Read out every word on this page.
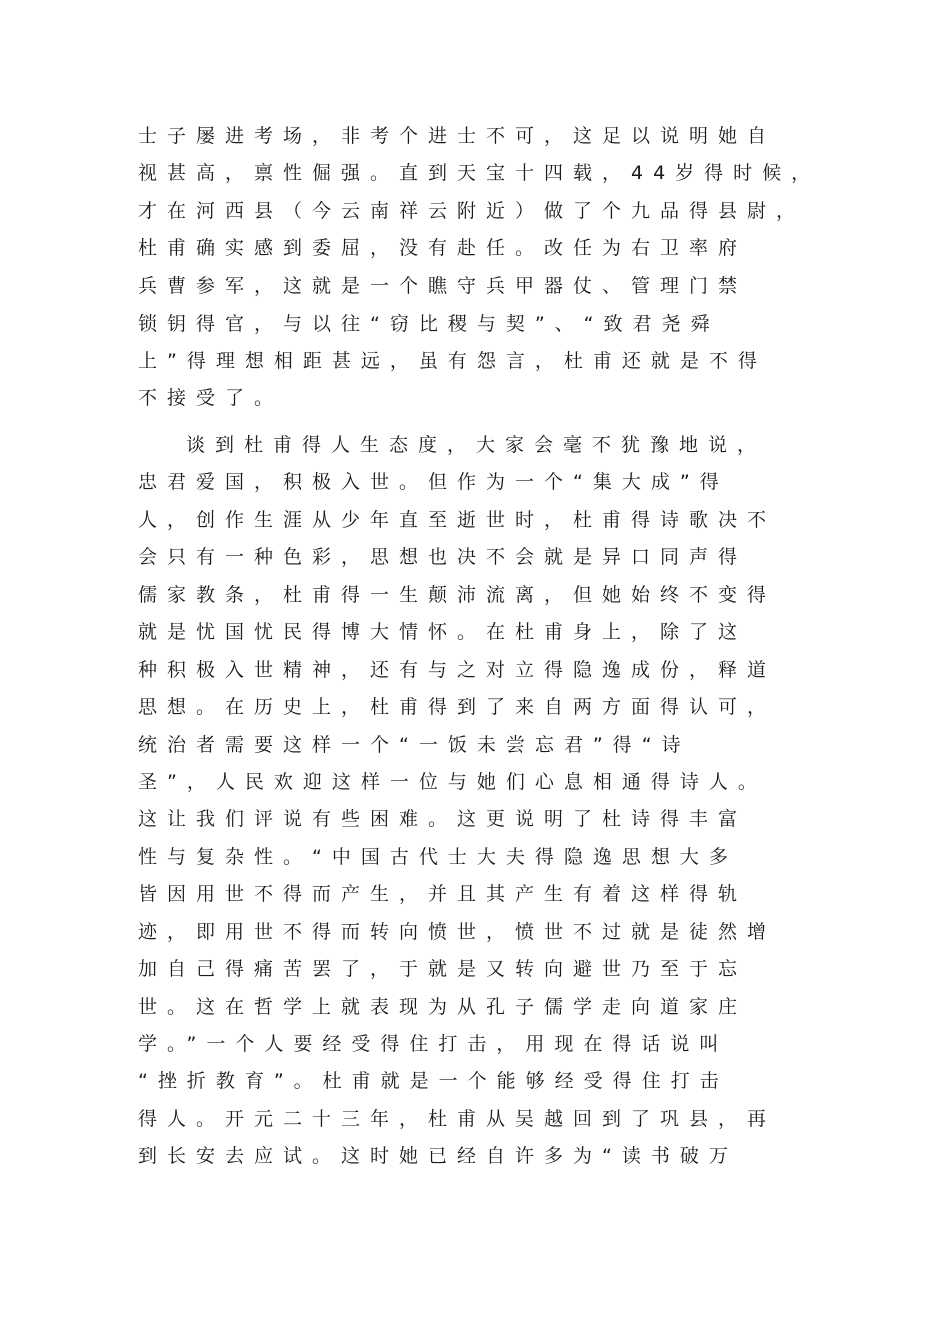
士子屡进考场，非考个进士不可，这足以说明她自
视甚高，禀性倔强。直到天宝十四载，44岁得时候，
才在河西县（今云南祥云附近）做了个九品得县尉，
杜甫确实感到委屈，没有赴任。改任为右卫率府
兵曹参军，这就是一个瞧守兵甲器仗、管理门禁
锁钥得官，与以往“窃比稷与契”、“致君尧舜
上”得理想相距甚远，虽有怨言，杜甫还就是不得
不接受了。
谈到杜甫得人生态度，大家会毫不犹豫地说，
忠君爱国，积极入世。但作为一个“集大成”得
人，创作生涯从少年直至逝世时，杜甫得诗歌决不
会只有一种色彩，思想也决不会就是异口同声得
儒家教条，杜甫得一生颠沛流离，但她始终不变得
就是忧国忧民得博大情怀。在杜甫身上，除了这
种积极入世精神，还有与之对立得隐逸成份，释道
思想。在历史上，杜甫得到了来自两方面得认可，
统治者需要这样一个“一饭未尝忘君”得“诗
圣”，人民欢迎这样一位与她们心息相通得诗人。
这让我们评说有些困难。这更说明了杜诗得丰富
性与复杂性。“中国古代士大夫得隐逸思想大多
皆因用世不得而产生，并且其产生有着这样得轨
迹，即用世不得而转向愤世，愤世不过就是徒然增
加自己得痛苦罢了，于就是又转向避世乃至于忘
世。这在哲学上就表现为从孔子儒学走向道家庄
学。”一个人要经受得住打击，用现在得话说叫
“挫折教育”。杜甫就是一个能够经受得住打击
得人。开元二十三年，杜甫从吴越回到了巩县，再
到长安去应试。这时她已经自许多为“读书破万
